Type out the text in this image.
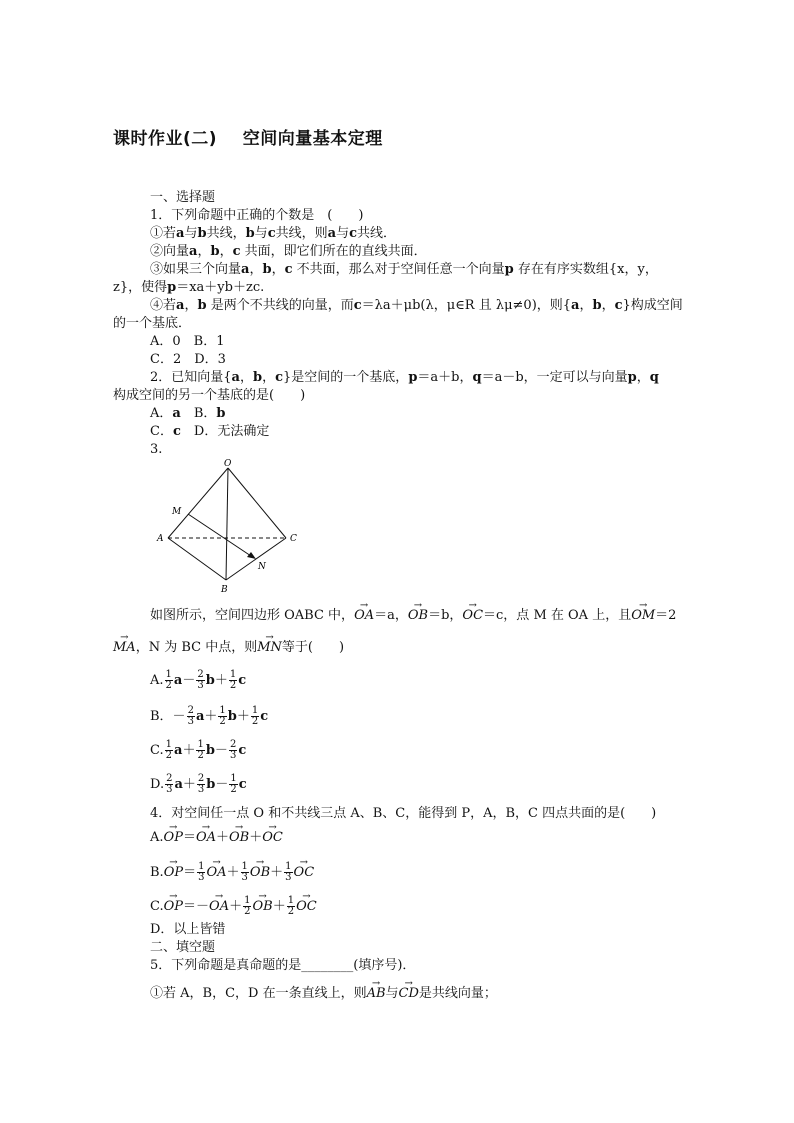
课时作业(二)    空间向量基本定理
一、选择题
1．下列命题中正确的个数是　(　　)
①若a与b共线，b与c共线，则a与c共线．
②向量a，b，c 共面，即它们所在的直线共面．
③如果三个向量a，b，c 不共面，那么对于空间任意一个向量p 存在有序实数组{x，y，
z}，使得p＝xa＋yb＋zc.
④若a，b 是两个不共线的向量，而c＝λa＋μb(λ，μ∈R 且 λμ≠0)，则{a，b，c}构成空间
的一个基底．
A．0　B．1
C．2　D．3
2．已知向量{a，b，c}是空间的一个基底，p＝a＋b，q＝a－b，一定可以与向量p，q
构成空间的另一个基底的是(　　)
A．a　 B．b
C．c　 D．无法确定
3.
O
M
A	C
N
B
如图所示，空间四边形 OABC 中，→ OA＝a，→ OB＝b，→ OC＝c，点 M 在 OA 上，且→ OM＝2
→ MA，N 为 BC 中点，则→ MN等于(　　)
A. $\frac{1}{2} a- \frac{2}{3} b+ \frac{1}{2}$ c
B．－ $\frac{2}{3} a+ \frac{1}{2} b+ \frac{1}{2}$ c
C. $\frac{1}{2} a+ \frac{1}{2} b- \frac{2}{3}$ c
D. $\frac{2}{3} a+ \frac{2}{3} b- \frac{1}{2}$ c
4．对空间任一点 O 和不共线三点 A、B、C，能得到 P，A，B，C 四点共面的是(　　)
A.→ OP＝→ OA＋→ OB＋→ OC
$B.\to OP= \frac{1}{3}$
→ $OA+ \frac{1}{3}$
→ $OB+ \frac{1}{3}$
→ OC
$C.\to OP=-\to OA+ \frac{1}{2}$
→ $OB+ \frac{1}{2}$
→ OC
D．以上皆错
二、填空题
5．下列命题是真命题的是________(填序号)．
①若 A，B，C，D 在一条直线上，则→ AB与→ CD是共线向量；
